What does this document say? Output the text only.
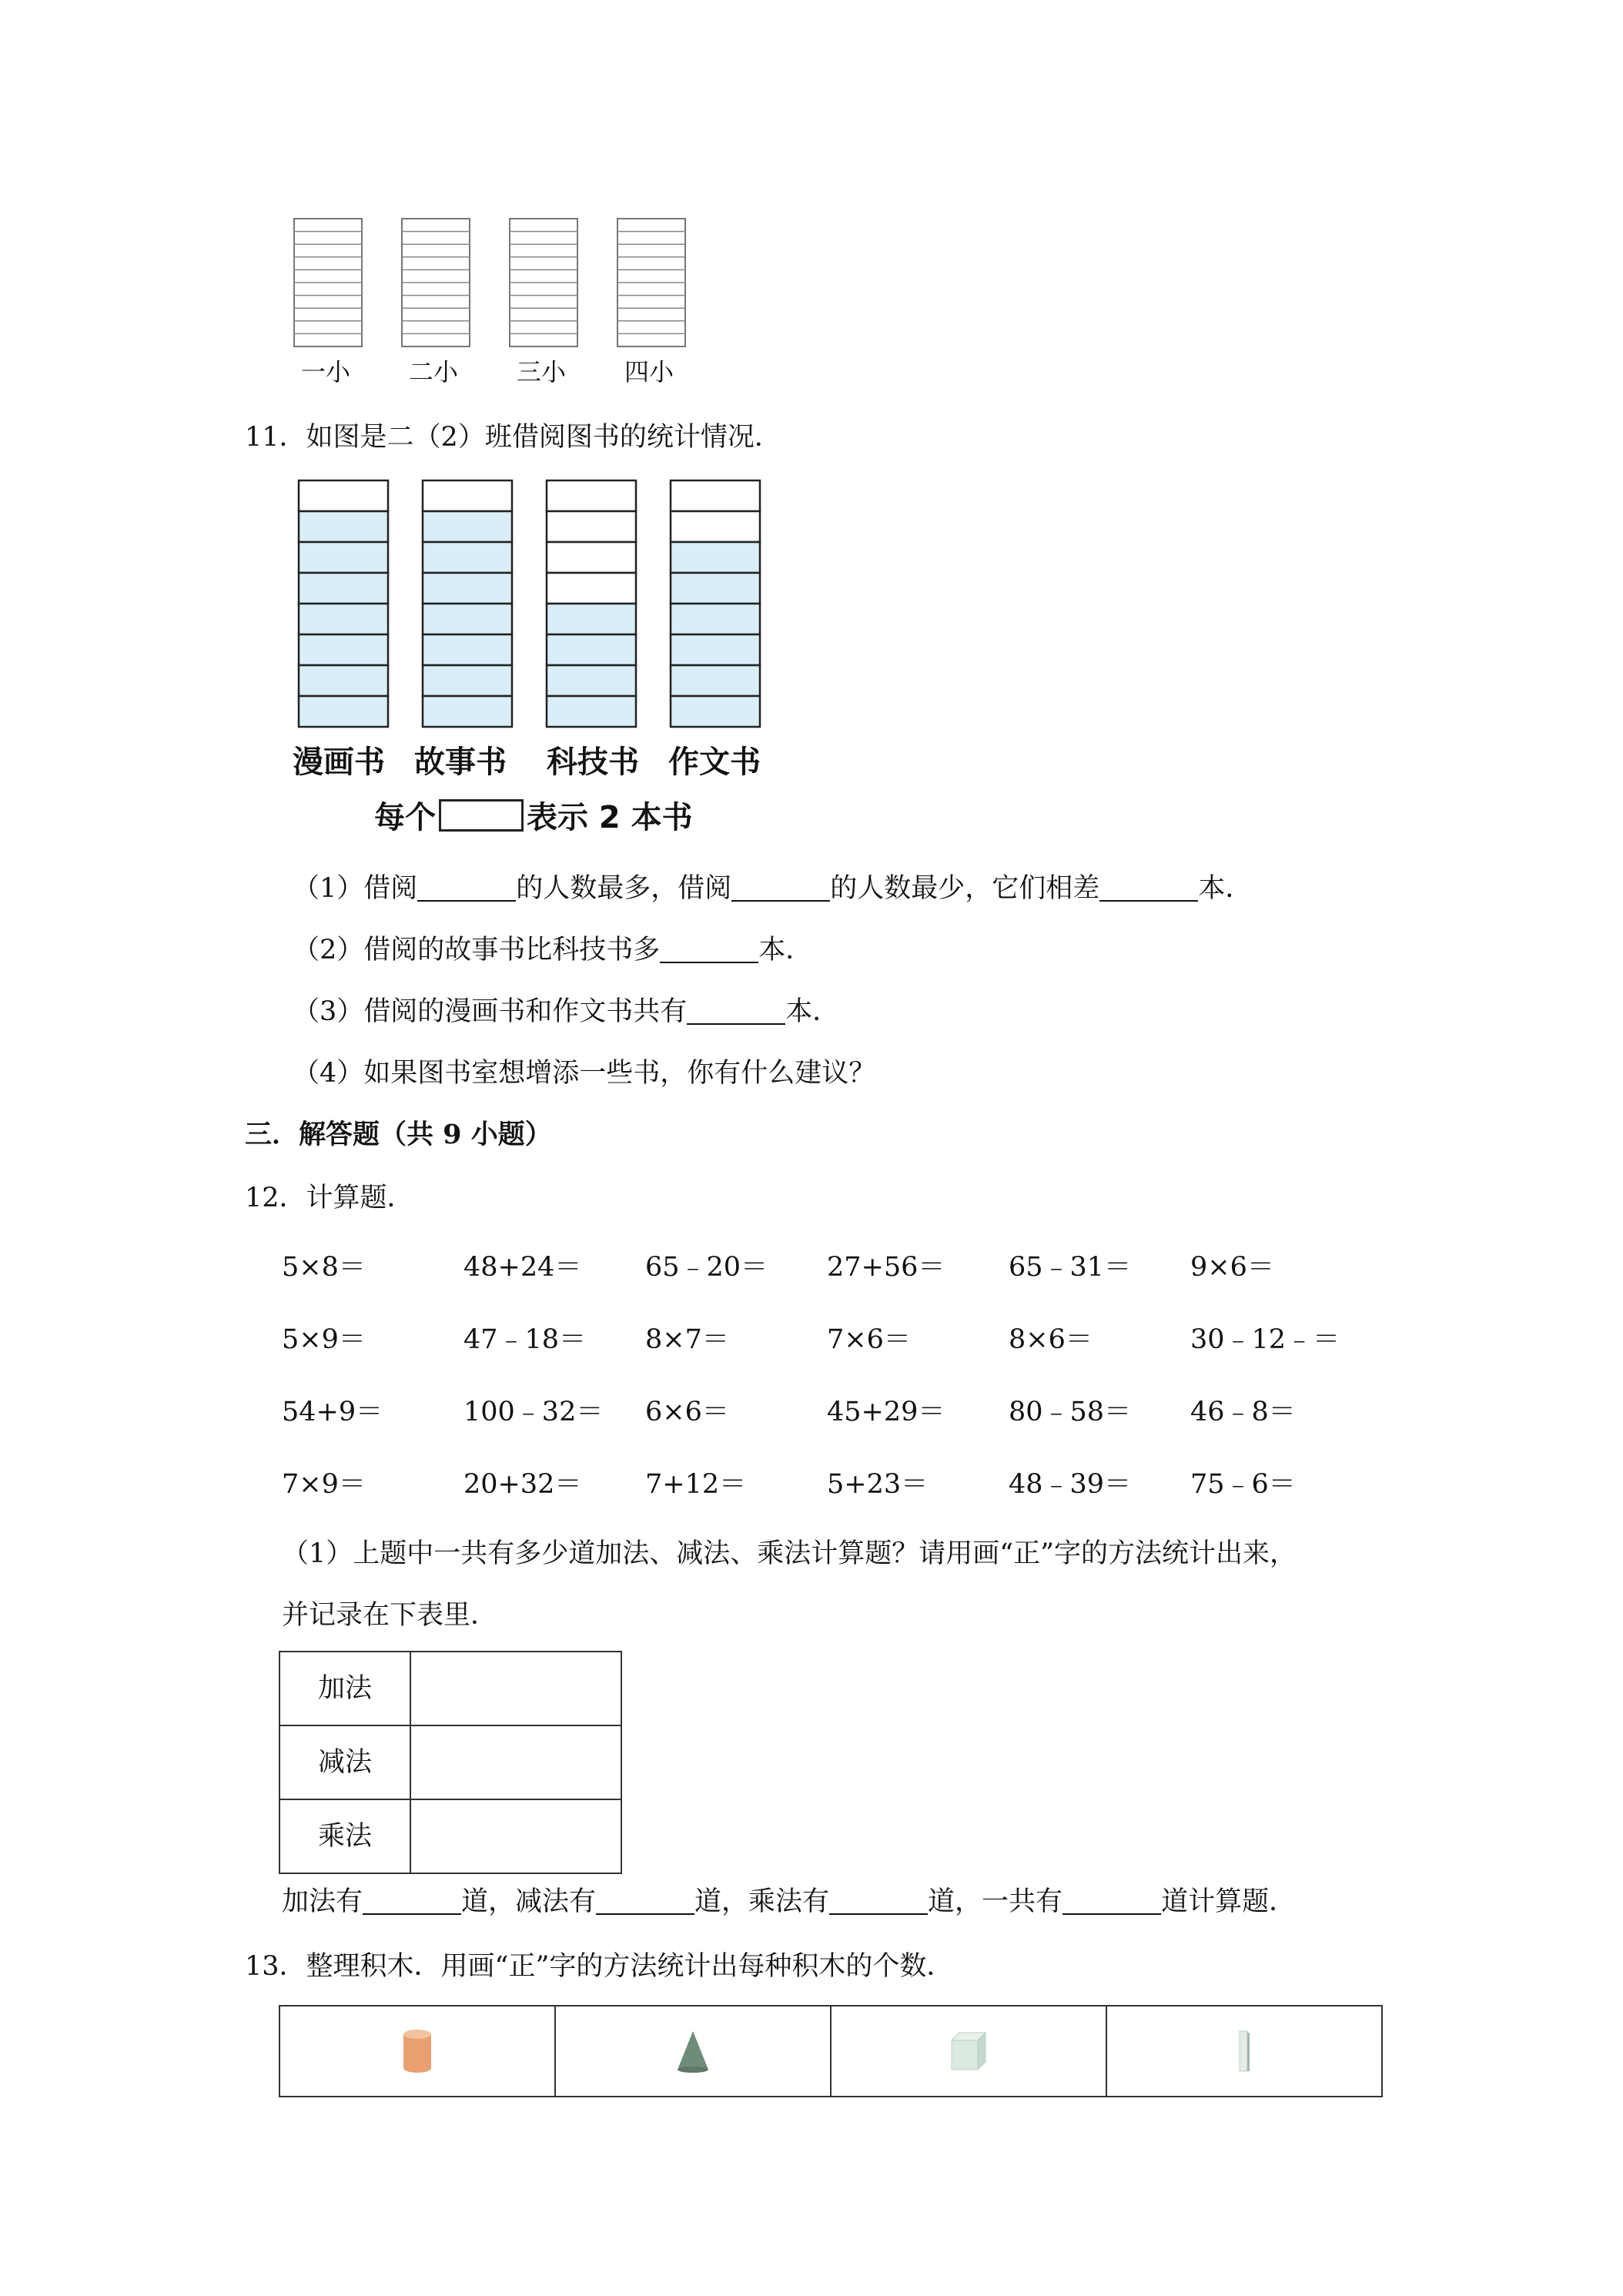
一小	二小	三小	四小
11．如图是二（2）班借阅图书的统计情况．
漫画书 故事书 科技书 作文书
每个	表示 2 本书
（1）借阅	的人数最多，借阅	的人数最少，它们相差	本．
（2）借阅的故事书比科技书多	本．
（3）借阅的漫画书和作文书共有	本．
（4）如果图书室想增添一些书，你有什么建议？
三．解答题（共 9 小题）
12．计算题．
5×8＝	48+24＝ 65﹣20＝ 27+56＝ 65﹣31＝ 9×6＝
5×9＝	47﹣18＝ 8×7＝	7×6＝	8×6＝	30﹣12﹣＝
54+9＝	100﹣32＝ 6×6＝	45+29＝ 80﹣58＝ 46﹣8＝
7×9＝	20+32＝ 7+12＝	5+23＝	48﹣39＝ 75﹣6＝
（1）上题中一共有多少道加法、减法、乘法计算题？请用画“正”字的方法统计出来，
并记录在下表里．
加法	
减法	
乘法	
加法有	道，减法有	道，乘法有	道，一共有	道计算题．
13．整理积木．用画“正”字的方法统计出每种积木的个数．
